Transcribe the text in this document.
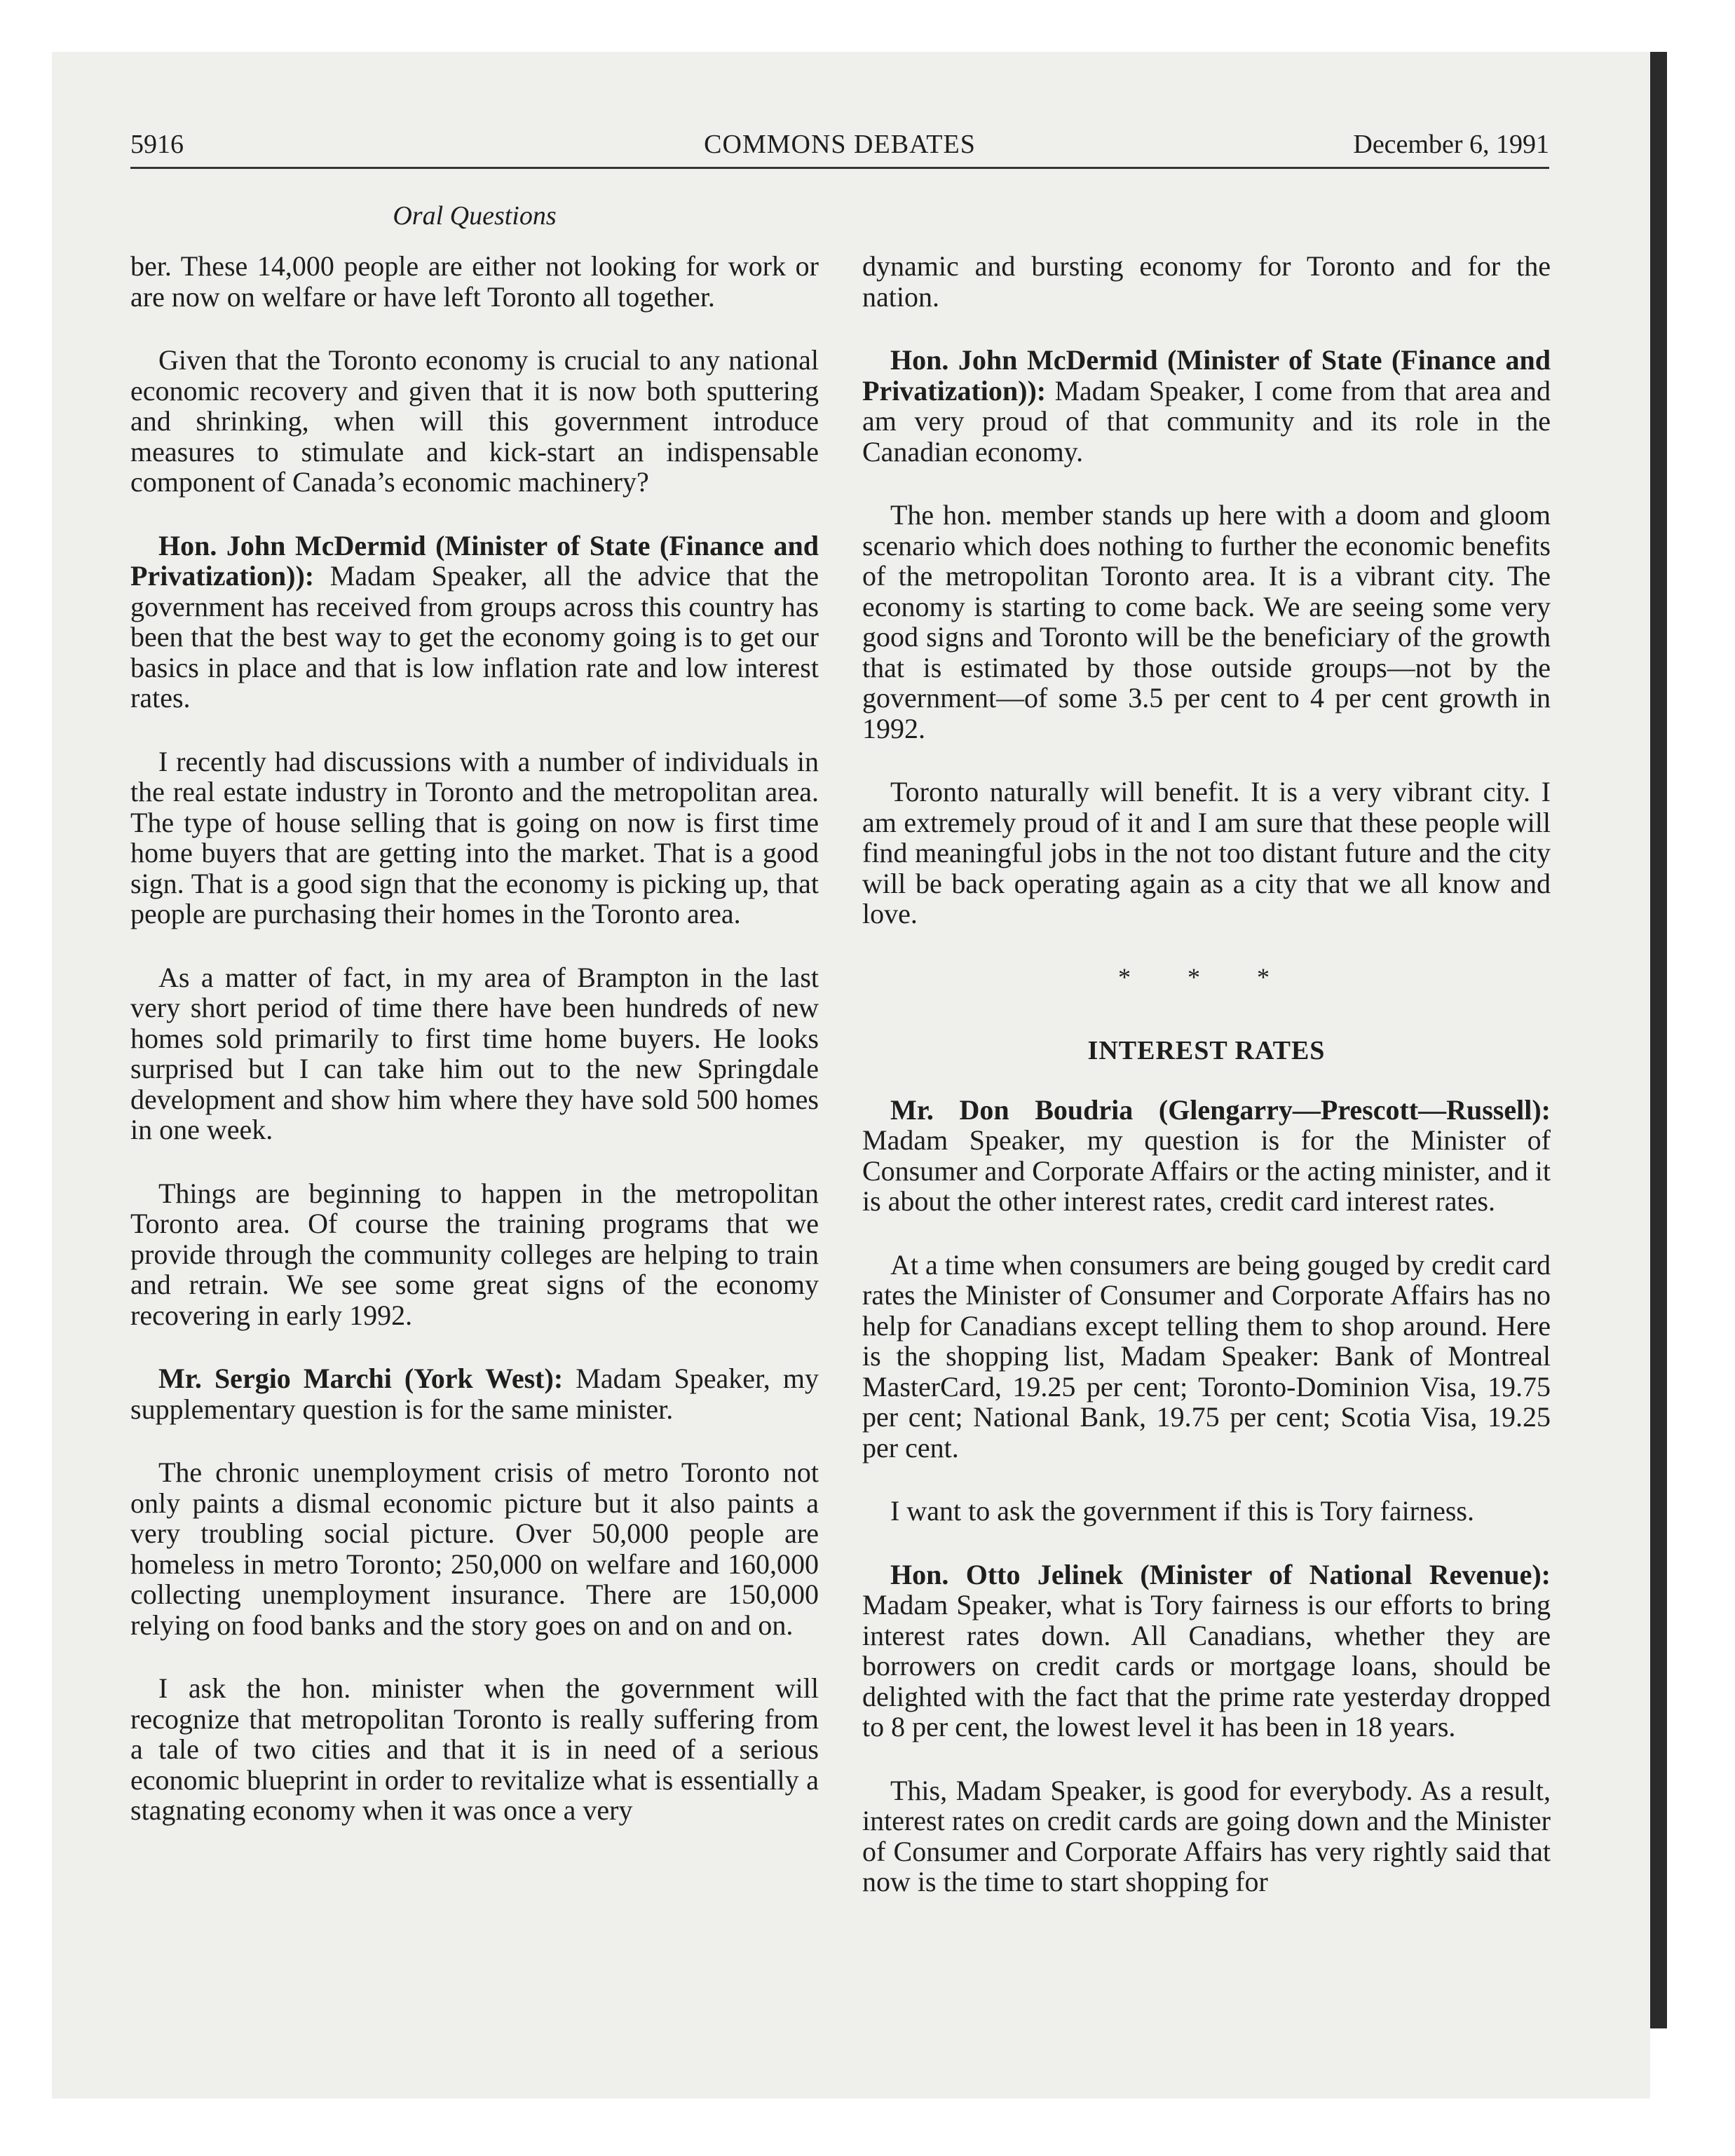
5916	COMMONS DEBATES	December 6, 1991
Oral Questions

ber. These 14,000 people are either not looking for work or are now on welfare or have left Toronto all together.

Given that the Toronto economy is crucial to any national economic recovery and given that it is now both sputtering and shrinking, when will this government introduce measures to stimulate and kick-start an indispensable component of Canada’s economic machinery?

Hon. John McDermid (Minister of State (Finance and Privatization)): Madam Speaker, all the advice that the government has received from groups across this country has been that the best way to get the economy going is to get our basics in place and that is low inflation rate and low interest rates.

I recently had discussions with a number of individuals in the real estate industry in Toronto and the metropolitan area. The type of house selling that is going on now is first time home buyers that are getting into the market. That is a good sign. That is a good sign that the economy is picking up, that people are purchasing their homes in the Toronto area.

As a matter of fact, in my area of Brampton in the last very short period of time there have been hundreds of new homes sold primarily to first time home buyers. He looks surprised but I can take him out to the new Springdale development and show him where they have sold 500 homes in one week.

Things are beginning to happen in the metropolitan Toronto area. Of course the training programs that we provide through the community colleges are helping to train and retrain. We see some great signs of the economy recovering in early 1992.

Mr. Sergio Marchi (York West): Madam Speaker, my supplementary question is for the same minister.

The chronic unemployment crisis of metro Toronto not only paints a dismal economic picture but it also paints a very troubling social picture. Over 50,000 people are homeless in metro Toronto; 250,000 on welfare and 160,000 collecting unemployment insurance. There are 150,000 relying on food banks and the story goes on and on and on.

I ask the hon. minister when the government will recognize that metropolitan Toronto is really suffering from a tale of two cities and that it is in need of a serious economic blueprint in order to revitalize what is essentially a stagnating economy when it was once a very

dynamic and bursting economy for Toronto and for the nation.

Hon. John McDermid (Minister of State (Finance and Privatization)): Madam Speaker, I come from that area and am very proud of that community and its role in the Canadian economy.

The hon. member stands up here with a doom and gloom scenario which does nothing to further the economic benefits of the metropolitan Toronto area. It is a vibrant city. The economy is starting to come back. We are seeing some very good signs and Toronto will be the beneficiary of the growth that is estimated by those outside groups—not by the government—of some 3.5 per cent to 4 per cent growth in 1992.

Toronto naturally will benefit. It is a very vibrant city. I am extremely proud of it and I am sure that these people will find meaningful jobs in the not too distant future and the city will be back operating again as a city that we all know and love.

* * *

INTEREST RATES

Mr. Don Boudria (Glengarry—Prescott—Russell): Madam Speaker, my question is for the Minister of Consumer and Corporate Affairs or the acting minister, and it is about the other interest rates, credit card interest rates.

At a time when consumers are being gouged by credit card rates the Minister of Consumer and Corporate Affairs has no help for Canadians except telling them to shop around. Here is the shopping list, Madam Speaker: Bank of Montreal MasterCard, 19.25 per cent; Toronto-Dominion Visa, 19.75 per cent; National Bank, 19.75 per cent; Scotia Visa, 19.25 per cent.

I want to ask the government if this is Tory fairness.

Hon. Otto Jelinek (Minister of National Revenue): Madam Speaker, what is Tory fairness is our efforts to bring interest rates down. All Canadians, whether they are borrowers on credit cards or mortgage loans, should be delighted with the fact that the prime rate yesterday dropped to 8 per cent, the lowest level it has been in 18 years.

This, Madam Speaker, is good for everybody. As a result, interest rates on credit cards are going down and the Minister of Consumer and Corporate Affairs has very rightly said that now is the time to start shopping for
